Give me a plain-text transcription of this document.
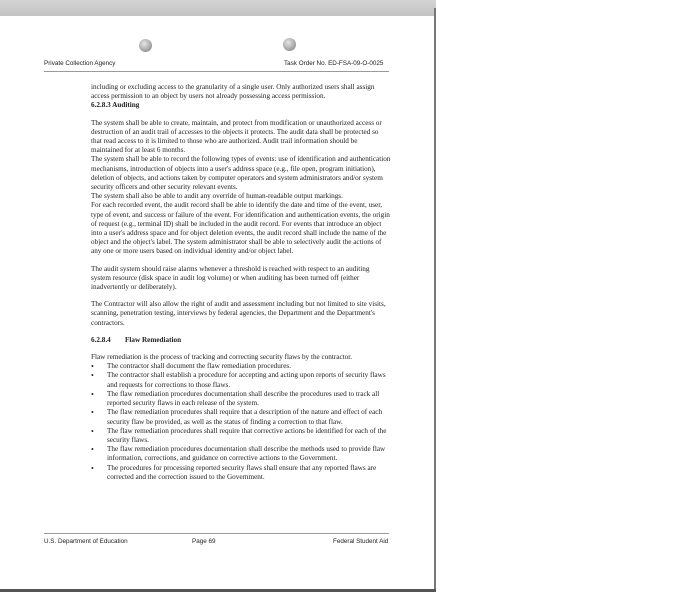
Private Collection Agency	Task Order No. ED-FSA-09-O-0025

including or excluding access to the granularity of a single user. Only authorized users shall assign access permission to an object by users not already possessing access permission.

6.2.8.3 Auditing

The system shall be able to create, maintain, and protect from modification or unauthorized access or destruction of an audit trail of accesses to the objects it protects. The audit data shall be protected so that read access to it is limited to those who are authorized. Audit trail information should be maintained for at least 6 months.

The system shall be able to record the following types of events: use of identification and authentication mechanisms, introduction of objects into a user's address space (e.g., file open, program initiation), deletion of objects, and actions taken by computer operators and system administrators and/or system security officers and other security relevant events.

The system shall also be able to audit any override of human-readable output markings.

For each recorded event, the audit record shall be able to identify the date and time of the event, user, type of event, and success or failure of the event. For identification and authentication events, the origin of request (e.g., terminal ID) shall be included in the audit record. For events that introduce an object into a user's address space and for object deletion events, the audit record shall include the name of the object and the object's label. The system administrator shall be able to selectively audit the actions of any one or more users based on individual identity and/or object label.

The audit system should raise alarms whenever a threshold is reached with respect to an auditing system resource (disk space in audit log volume) or when auditing has been turned off (either inadvertently or deliberately).

The Contractor will also allow the right of audit and assessment including but not limited to site visits, scanning, penetration testing, interviews by federal agencies, the Department and the Department's contractors.

6.2.8.4	Flaw Remediation

Flaw remediation is the process of tracking and correcting security flaws by the contractor.

• The contractor shall document the flaw remediation procedures.
• The contractor shall establish a procedure for accepting and acting upon reports of security flaws and requests for corrections to those flaws.
• The flaw remediation procedures documentation shall describe the procedures used to track all reported security flaws in each release of the system.
• The flaw remediation procedures shall require that a description of the nature and effect of each security flaw be provided, as well as the status of finding a correction to that flaw.
• The flaw remediation procedures shall require that corrective actions be identified for each of the security flaws.
• The flaw remediation procedures documentation shall describe the methods used to provide flaw information, corrections, and guidance on corrective actions to the Government.
• The procedures for processing reported security flaws shall ensure that any reported flaws are corrected and the correction issued to the Government.
U.S. Department of Education	Page 69	Federal Student Aid
